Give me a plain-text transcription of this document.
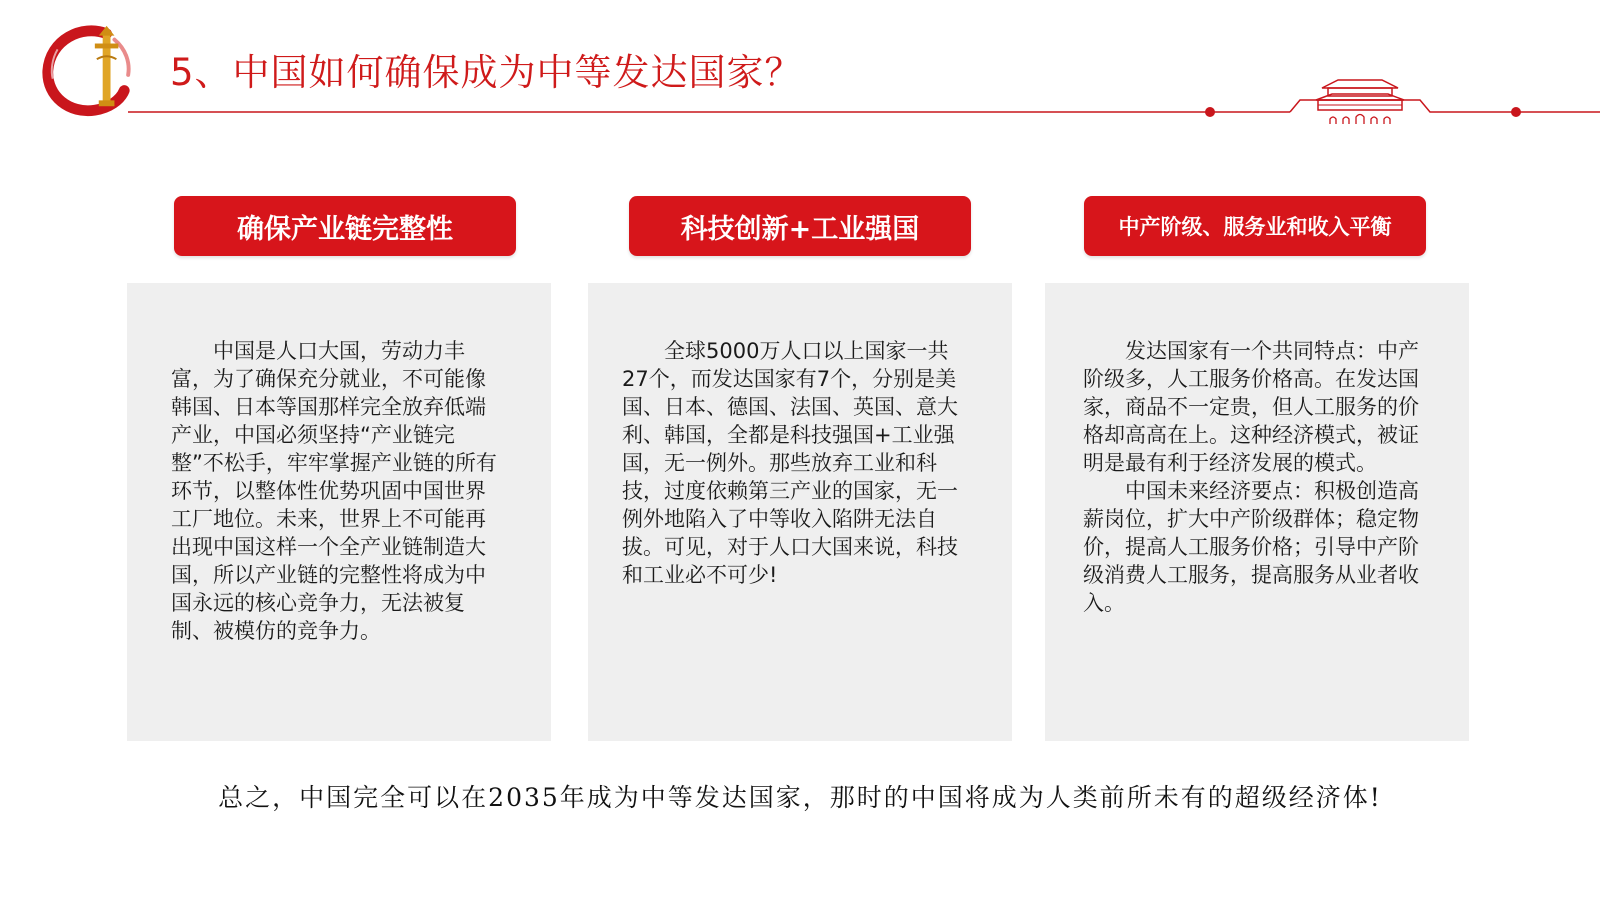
5、中国如何确保成为中等发达国家？
确保产业链完整性	科技创新+工业强国	中产阶级、服务业和收入平衡

中国是人口大国，劳动力丰富，为了确保充分就业，不可能像韩国、日本等国那样完全放弃低端产业，中国必须坚持“产业链完整”不松手，牢牢掌握产业链的所有环节，以整体性优势巩固中国世界工厂地位。未来，世界上不可能再出现中国这样一个全产业链制造大国，所以产业链的完整性将成为中国永远的核心竞争力，无法被复制、被模仿的竞争力。

全球5000万人口以上国家一共27个，而发达国家有7个，分别是美国、日本、德国、法国、英国、意大利、韩国，全都是科技强国+工业强国，无一例外。那些放弃工业和科技，过度依赖第三产业的国家，无一例外地陷入了中等收入陷阱无法自拔。可见，对于人口大国来说，科技和工业必不可少!

发达国家有一个共同特点：中产阶级多，人工服务价格高。在发达国家，商品不一定贵，但人工服务的价格却高高在上。这种经济模式，被证明是最有利于经济发展的模式。

中国未来经济要点：积极创造高薪岗位，扩大中产阶级群体；稳定物价，提高人工服务价格；引导中产阶级消费人工服务，提高服务从业者收入。

总之，中国完全可以在2035年成为中等发达国家，那时的中国将成为人类前所未有的超级经济体!
